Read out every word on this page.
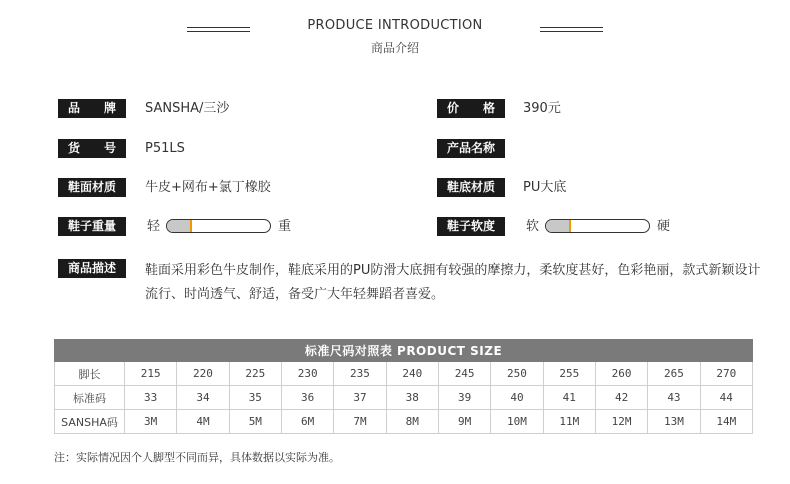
PRODUCE INTRODUCTION
商品介绍
品 牌 SANSHA/三沙	价 格 390元
货 号 P51LS	产品名称
鞋面材质	牛皮+网布+氯丁橡胶	鞋底材质	PU大底
鞋子重量	轻	重	鞋子软度	软	硬
商品描述	鞋面采用彩色牛皮制作，鞋底采用的PU防滑大底拥有较强的摩擦力，柔软度甚好，色彩艳丽，款式新颖设计流行、时尚透气、舒适，备受广大年轻舞蹈者喜爱。
标准尺码对照表 PRODUCT SIZE												
脚长	215	220	225	230	235	240	245	250	255	260	265	270
标准码	33	34	35	36	37	38	39	40	41	42	43	44
SANSHA码	3M	4M	5M	6M	7M	8M	9M	10M	11M	12M	13M	14M
注：实际情况因个人脚型不同而异，具体数据以实际为准。
